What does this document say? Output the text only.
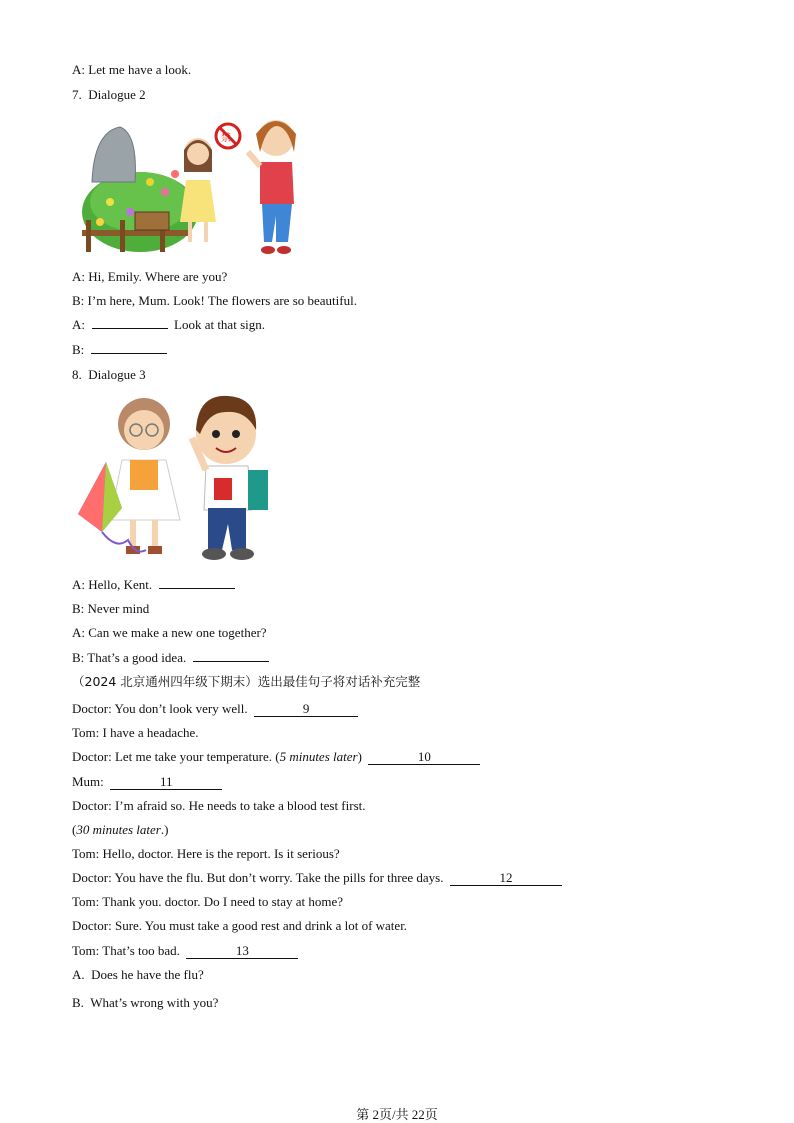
A: Let me have a look.
7. Dialogue 2
禁
A: Hi, Emily. Where are you?
B: I’m here, Mum. Look! The flowers are so beautiful.
A:	Look at that sign.
B:
8. Dialogue 3
A: Hello, Kent.
B: Never mind
A: Can we make a new one together?
B: That’s a good idea.
（2024 北京通州四年级下期末）选出最佳句子将对话补充完整
Doctor: You don’t look very well.	9
Tom: I have a headache.
Doctor: Let me take your temperature. (5 minutes later)	10
Mum:	11
Doctor: I’m afraid so. He needs to take a blood test first.
(30 minutes later.)
Tom: Hello, doctor. Here is the report. Is it serious?
Doctor: You have the flu. But don’t worry. Take the pills for three days.	12
Tom: Thank you. doctor. Do I need to stay at home?
Doctor: Sure. You must take a good rest and drink a lot of water.
Tom: That’s too bad.	13
A. Does he have the flu?
B. What’s wrong with you?
第 2页/共 22页
